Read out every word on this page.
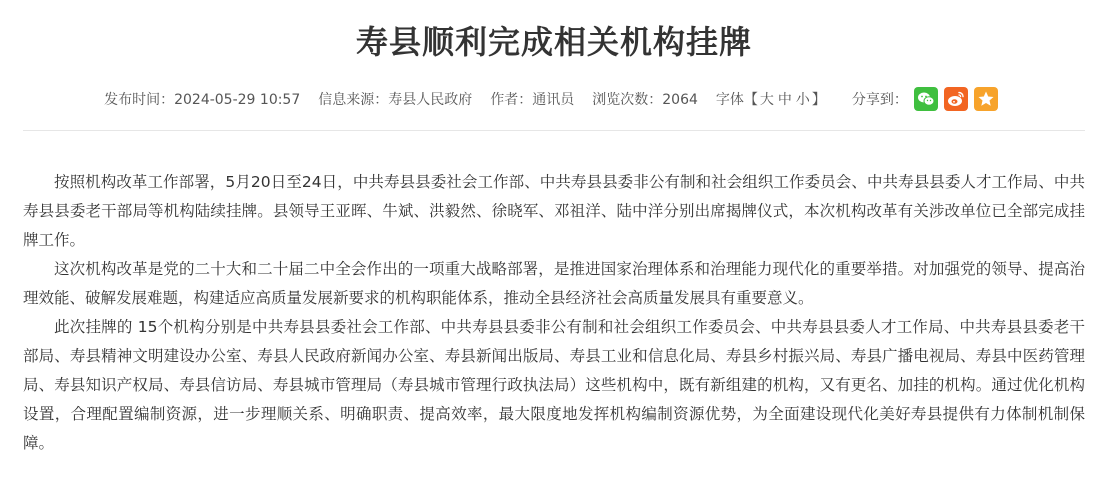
寿县顺利完成相关机构挂牌
发布时间：2024-05-29 10:57 信息来源：寿县人民政府 作者：通讯员 浏览次数：2064 字体【 大 中 小 】 分享到：

按照机构改革工作部署，5月20日至24日，中共寿县县委社会工作部、中共寿县县委非公有制和社会组织工作委员会、中共寿县县委人才工作局、中共寿县县委老干部局等机构陆续挂牌。县领导王亚晖、牛斌、洪毅然、徐晓军、邓祖洋、陆中洋分别出席揭牌仪式，本次机构改革有关涉改单位已全部完成挂牌工作。

这次机构改革是党的二十大和二十届二中全会作出的一项重大战略部署，是推进国家治理体系和治理能力现代化的重要举措。对加强党的领导、提高治理效能、破解发展难题，构建适应高质量发展新要求的机构职能体系，推动全县经济社会高质量发展具有重要意义。

此次挂牌的 15个机构分别是中共寿县县委社会工作部、中共寿县县委非公有制和社会组织工作委员会、中共寿县县委人才工作局、中共寿县县委老干部局、寿县精神文明建设办公室、寿县人民政府新闻办公室、寿县新闻出版局、寿县工业和信息化局、寿县乡村振兴局、寿县广播电视局、寿县中医药管理局、寿县知识产权局、寿县信访局、寿县城市管理局（寿县城市管理行政执法局）这些机构中，既有新组建的机构，又有更名、加挂的机构。通过优化机构设置，合理配置编制资源，进一步理顺关系、明确职责、提高效率，最大限度地发挥机构编制资源优势，为全面建设现代化美好寿县提供有力体制机制保障。
